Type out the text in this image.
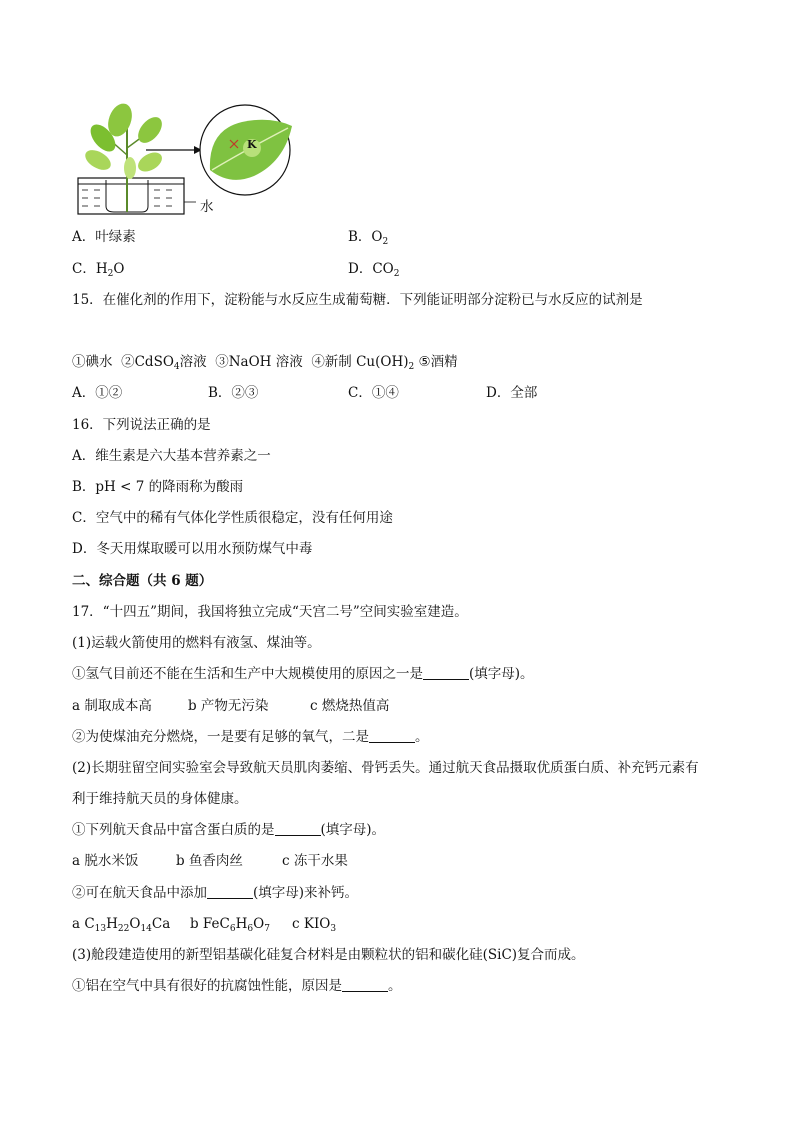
K
水
A．叶绿素	B．$O_2$
C．$H_2O$	D．$CO_2$
15．在催化剂的作用下，淀粉能与水反应生成葡萄糖．下列能证明部分淀粉已与水反应的试剂是
①碘水 ②CdSO$_4$溶液 ③NaOH 溶液 ④新制 $Cu(OH)_2$ ⑤酒精
A．①②	B．②③	C．①④	D．全部
16．下列说法正确的是
A．维生素是六大基本营养素之一
B．pH < 7 的降雨称为酸雨
C．空气中的稀有气体化学性质很稳定，没有任何用途
D．冬天用煤取暖可以用水预防煤气中毒
二、综合题（共 6 题）
17．“十四五”期间，我国将独立完成“天宫二号”空间实验室建造。
(1)运载火箭使用的燃料有液氢、煤油等。
①氢气目前还不能在生活和生产中大规模使用的原因之一是	(填字母)。
a 制取成本高	b 产物无污染	c 燃烧热值高
②为使煤油充分燃烧，一是要有足够的氧气，二是	。
(2)长期驻留空间实验室会导致航天员肌肉萎缩、骨钙丢失。通过航天食品摄取优质蛋白质、补充钙元素有
利于维持航天员的身体健康。
①下列航天食品中富含蛋白质的是	(填字母)。
a 脱水米饭	b 鱼香肉丝	c 冻干水果
②可在航天食品中添加	(填字母)来补钙。
a $C_{13}H_{22}O_{14}Ca$ b $FeC_6H_6O_7$ c $KIO_3$
(3)舱段建造使用的新型铝基碳化硅复合材料是由颗粒状的铝和碳化硅(SiC)复合而成。
①铝在空气中具有很好的抗腐蚀性能，原因是	。
